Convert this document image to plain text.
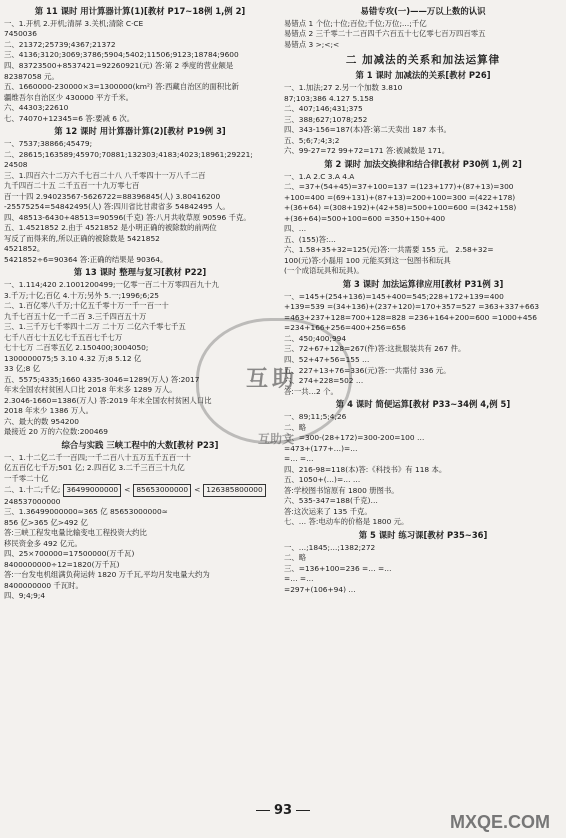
互助
互助文
第 11 课时 用计算器计算(1)[教材 P17~18例 1,例 2]
一、1.开机 2.开机;清屏 3.关机;清除 C·CE
7450036
二、21372;25739;4367;21372
三、4136;3120;3069;3786;5904;5402;11506;9123;18784;9600
四、83723500+8537421=92260921(元) 答:第 2 季度的营业额是
82387058 元。
五、1660000-230000×3=1300000(km²) 答:西藏自治区的面积比新
疆维吾尔自治区少 430000 平方千米。
六、44303;22610
七、74070+12345=6 答:要减 6 次。
第 12 课时 用计算器计算(2)[教材 P19例 3]
一、7537;38866;45479;
二、28615;163589;45970;70881;132303;4183;4023;18961;29221;
24508
三、1.四百六十二万六千七百二十八 八千零四十一万八千二百
九千四百二十五 二千五百一十九万零七百
百一十四 2.94023567-5626722=88396845(人) 3.80416200
-25575254=54842495(人) 答:四川省比甘肃省多 54842495 人。
四、48513-6430+48513=90596(千克) 答:八月共收草原 90596 千克。
五、1.4521852 2.由于 4521852 是小明正确的被除数的前两位
写反了而得来的,所以正确的被除数是 5421852
4521852。
5421852÷6=90364 答:正确的结果是 90364。
第 13 课时 整理与复习[教材 P22]
一、1.114;420 2.1001200499;一亿零一百二十万零四百九十九
3.千万;十亿;百亿 4.十万;另外 5.一;1996;6;25
二、1.百亿零八千万;十亿五千零十万一千一百一十
九千七百五十亿一千二百 3.三千四百五十万
三、1.三千万七千零四十二万 二十万 二亿六千零七千五
七千八百七十五亿七千五百七千七万
七十七万 二百零五亿 2.150400;3004050;
1300000075;5 3.10 4.32 万;8 5.12 亿
33 亿;8 亿
五、5575;4335;1660 4335-3046=1289(万人) 答:2017
年末全国农村贫困人口比 2018 年末多 1289 万人。
2.3046-1660=1386(万人) 答:2019 年末全国农村贫困人口比
2018 年末少 1386 万人。
六、最大的数 954200
最接近 20 万的六位数:200469
综合与实践 三峡工程中的大数[教材 P23]
一、1.十二亿二千一百四;一千二百八十五万五千五百一十
亿五百亿七千万;501 亿; 2.四百亿 3.二千三百三十九亿
一千零二十亿
二、1.十二;千亿; 36499000000 < 85653000000 < 126385800000
248537000000
三、1.36499000000≈365 亿 85653000000≈
856 亿>365 亿>492 亿
答:三峡工程发电量比输变电工程投资大约比
移民资金多 492 亿元。
四、25×700000=17500000(万千瓦)
8400000000÷12=1820(万千瓦)
答:一台发电机组满负荷运转 1820 万千瓦,平均月发电量大约为
8400000000 千瓦时。
四、9;4;9;4
易错专攻(一)——万以上数的认识
易错点 1 个位;十位;百位;千位;万位;…;千亿
易错点 2 三千零二十二百四千六百五十七亿零七百万四百零五
易错点 3 >;<;<
二 加减法的关系和加法运算律
第 1 课时 加减法的关系[教材 P26]
一、1.加法;27 2.另一个加数 3.810
87;103;386 4.127 5.158
二、407;146;431;375
三、388;627;1078;252
四、343-156=187(本)答:第二天卖出 187 本书。
五、5;6;7;4;3;2
六、99-27=72 99+72=171 答:被减数是 171。
第 2 课时 加法交换律和结合律[教材 P30例 1,例 2]
一、1.A 2.C 3.A 4.A
二、=37+(54+45)=37+100=137 =(123+177)+(87+13)=300
+100=400 =(69+131)+(87+13)=200+100=300 =(422+178)
+(36+64) =(308+192)+(42+58)=500+100=600 =(342+158)
+(36+64)=500+100=600 =350+150+400
四、…
五、(155)答:…
六、1.58+35+32=125(元)答:一共需要 155 元。 2.58+32=
100(元)答:小磊用 100 元能买到这一包图书和玩具
(一个成语玩具和玩具)。
第 3 课时 加法运算律应用[教材 P31例 3]
一、=145+(254+136)=145+400=545;228+172+139=400
+139=539 =(34+136)+(237+120)=170+357=527 =363+337+663
=463+237+128=700+128=828 =236+164+200=600 =1000+456
=234+166+256=400+256=656
二、450;400;994
三、72+67+128=267(件)答:这批服装共有 267 件。
四、52+47+56=155 …
五、227+13+76=336(元)答:一共需付 336 元。
六、274+228=502 …
答:一共…2 个。
第 4 课时 简便运算[教材 P33~34例 4,例 5]
一、89;11;5;4;26
二、略
三、=300-(28+172)=300-200=100 …
=473+(177+…)=…
=… =…
四、216-98=118(本)答:《科技书》有 118 本。
五、1050+(…)=… …
答:学校图书馆原有 1800 册图书。
六、535-347=188(千克)…
答:这次运来了 135 千克。
七、… 答:电动车的价格是 1800 元。
第 5 课时 练习课[教材 P35~36]
一、…;1845;…;1382;272
二、略
三、=136+100=236 =… =…
=… =…
=297+(106+94) …
93
MXQE.COM
